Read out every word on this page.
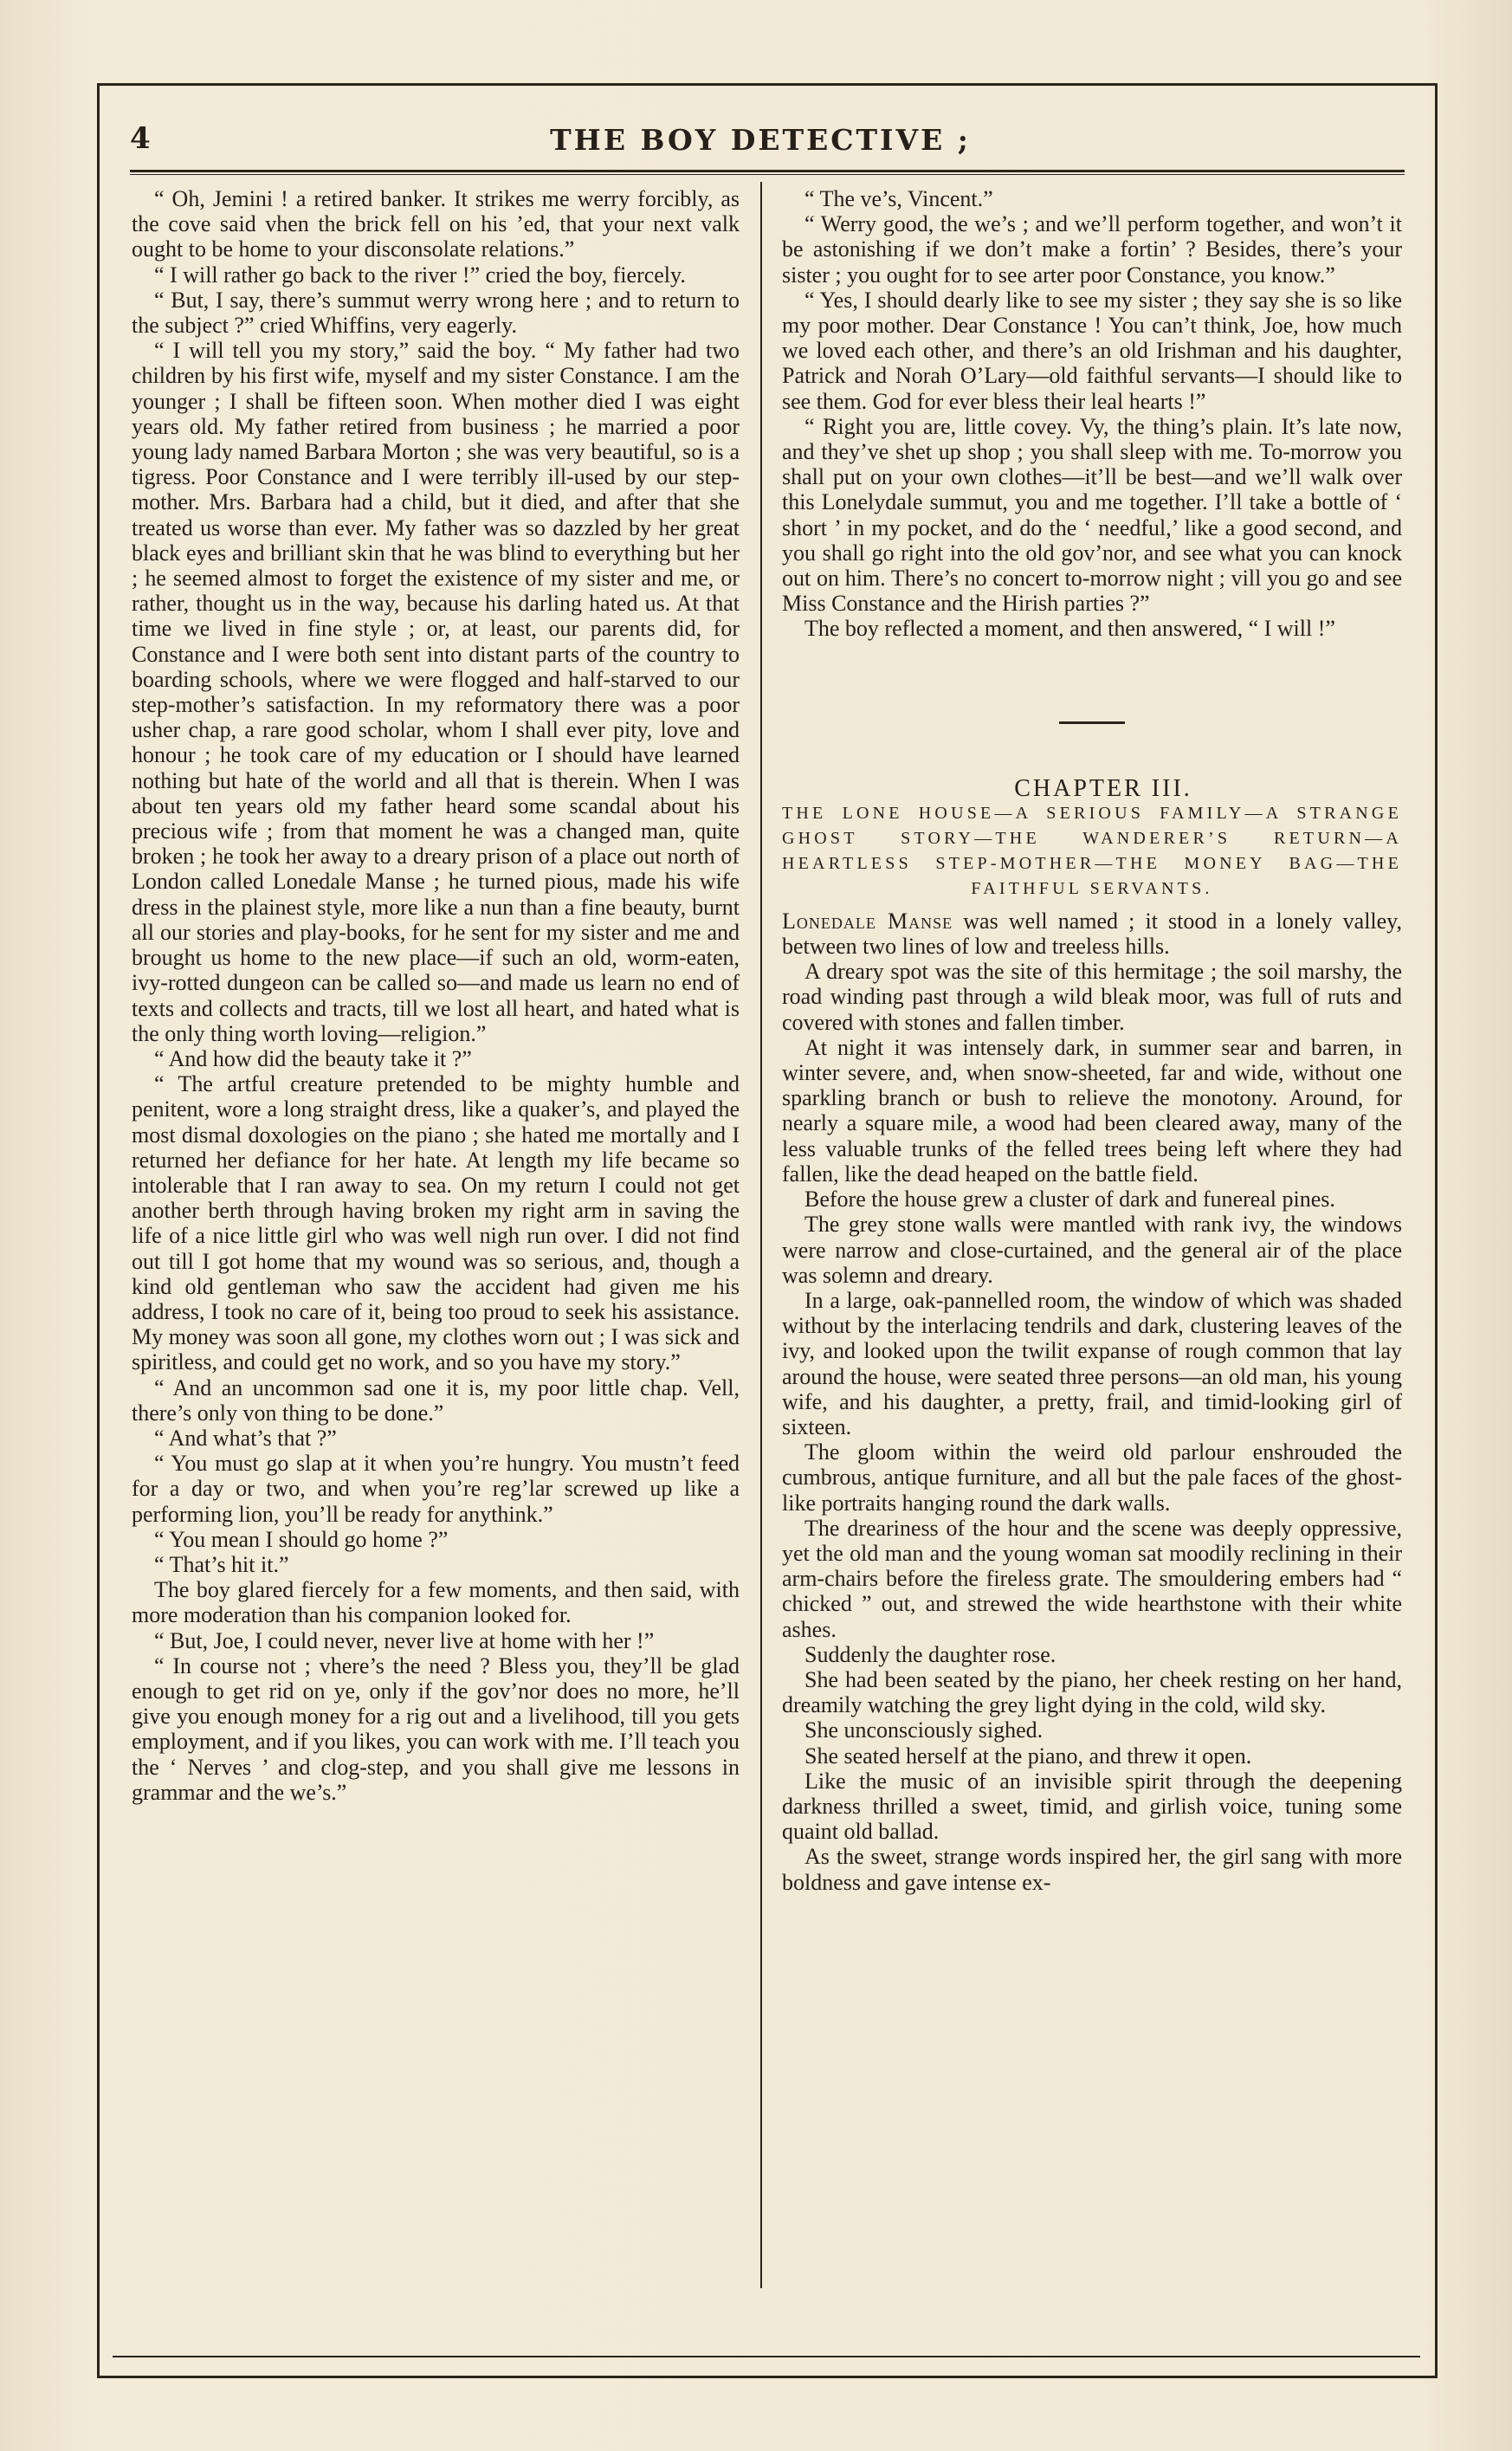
4	THE BOY DETECTIVE ;

“ Oh, Jemini ! a retired banker. It strikes me werry forcibly, as the cove said vhen the brick fell on his ’ed, that your next valk ought to be home to your disconsolate relations.”

“ I will rather go back to the river !” cried the boy, fiercely.

“ But, I say, there’s summut werry wrong here ; and to return to the subject ?” cried Whiffins, very eagerly.

“ I will tell you my story,” said the boy. “ My father had two children by his first wife, myself and my sister Constance. I am the younger ; I shall be fifteen soon. When mother died I was eight years old. My father retired from business ; he married a poor young lady named Barbara Morton ; she was very beautiful, so is a tigress. Poor Constance and I were terribly ill-used by our step-mother. Mrs. Barbara had a child, but it died, and after that she treated us worse than ever. My father was so dazzled by her great black eyes and brilliant skin that he was blind to everything but her ; he seemed almost to forget the existence of my sister and me, or rather, thought us in the way, because his darling hated us. At that time we lived in fine style ; or, at least, our parents did, for Constance and I were both sent into distant parts of the country to boarding schools, where we were flogged and half-starved to our step-mother’s satisfaction. In my reformatory there was a poor usher chap, a rare good scholar, whom I shall ever pity, love and honour ; he took care of my education or I should have learned nothing but hate of the world and all that is therein. When I was about ten years old my father heard some scandal about his precious wife ; from that moment he was a changed man, quite broken ; he took her away to a dreary prison of a place out north of London called Lonedale Manse ; he turned pious, made his wife dress in the plainest style, more like a nun than a fine beauty, burnt all our stories and play-books, for he sent for my sister and me and brought us home to the new place—if such an old, worm-eaten, ivy-rotted dungeon can be called so—and made us learn no end of texts and collects and tracts, till we lost all heart, and hated what is the only thing worth loving—religion.”

“ And how did the beauty take it ?”

“ The artful creature pretended to be mighty humble and penitent, wore a long straight dress, like a quaker’s, and played the most dismal doxologies on the piano ; she hated me mortally and I returned her defiance for her hate. At length my life became so intolerable that I ran away to sea. On my return I could not get another berth through having broken my right arm in saving the life of a nice little girl who was well nigh run over. I did not find out till I got home that my wound was so serious, and, though a kind old gentleman who saw the accident had given me his address, I took no care of it, being too proud to seek his assistance. My money was soon all gone, my clothes worn out ; I was sick and spiritless, and could get no work, and so you have my story.”

“ And an uncommon sad one it is, my poor little chap. Vell, there’s only von thing to be done.”

“ And what’s that ?”

“ You must go slap at it when you’re hungry. You mustn’t feed for a day or two, and when you’re reg’lar screwed up like a performing lion, you’ll be ready for anythink.”

“ You mean I should go home ?”

“ That’s hit it.”

The boy glared fiercely for a few moments, and then said, with more moderation than his companion looked for.

“ But, Joe, I could never, never live at home with her !”

“ In course not ; vhere’s the need ? Bless you, they’ll be glad enough to get rid on ye, only if the gov’nor does no more, he’ll give you enough money for a rig out and a livelihood, till you gets employment, and if you likes, you can work with me. I’ll teach you the ‘ Nerves ’ and clog-step, and you shall give me lessons in grammar and the we’s.”

“ The ve’s, Vincent.”

“ Werry good, the we’s ; and we’ll perform together, and won’t it be astonishing if we don’t make a fortin’ ? Besides, there’s your sister ; you ought for to see arter poor Constance, you know.”

“ Yes, I should dearly like to see my sister ; they say she is so like my poor mother. Dear Constance ! You can’t think, Joe, how much we loved each other, and there’s an old Irishman and his daughter, Patrick and Norah O’Lary—old faithful servants—I should like to see them. God for ever bless their leal hearts !”

“ Right you are, little covey. Vy, the thing’s plain. It’s late now, and they’ve shet up shop ; you shall sleep with me. To-morrow you shall put on your own clothes—it’ll be best—and we’ll walk over this Lonelydale summut, you and me together. I’ll take a bottle of ‘ short ’ in my pocket, and do the ‘ needful,’ like a good second, and you shall go right into the old gov’nor, and see what you can knock out on him. There’s no concert to-morrow night ; vill you go and see Miss Constance and the Hirish parties ?”

The boy reflected a moment, and then answered, “ I will !”

CHAPTER III.

THE LONE HOUSE—A SERIOUS FAMILY—A STRANGE GHOST STORY—THE WANDERER’S RETURN—A HEARTLESS STEP-MOTHER—THE MONEY BAG—THE FAITHFUL SERVANTS.

Lonedale Manse was well named ; it stood in a lonely valley, between two lines of low and treeless hills.

A dreary spot was the site of this hermitage ; the soil marshy, the road winding past through a wild bleak moor, was full of ruts and covered with stones and fallen timber.

At night it was intensely dark, in summer sear and barren, in winter severe, and, when snow-sheeted, far and wide, without one sparkling branch or bush to relieve the monotony. Around, for nearly a square mile, a wood had been cleared away, many of the less valuable trunks of the felled trees being left where they had fallen, like the dead heaped on the battle field.

Before the house grew a cluster of dark and funereal pines.

The grey stone walls were mantled with rank ivy, the windows were narrow and close-curtained, and the general air of the place was solemn and dreary.

In a large, oak-pannelled room, the window of which was shaded without by the interlacing tendrils and dark, clustering leaves of the ivy, and looked upon the twilit expanse of rough common that lay around the house, were seated three persons—an old man, his young wife, and his daughter, a pretty, frail, and timid-looking girl of sixteen.

The gloom within the weird old parlour enshrouded the cumbrous, antique furniture, and all but the pale faces of the ghost-like portraits hanging round the dark walls.

The dreariness of the hour and the scene was deeply oppressive, yet the old man and the young woman sat moodily reclining in their arm-chairs before the fireless grate. The smouldering embers had “ chicked ” out, and strewed the wide hearthstone with their white ashes.

Suddenly the daughter rose.

She had been seated by the piano, her cheek resting on her hand, dreamily watching the grey light dying in the cold, wild sky.

She unconsciously sighed.

She seated herself at the piano, and threw it open.

Like the music of an invisible spirit through the deepening darkness thrilled a sweet, timid, and girlish voice, tuning some quaint old ballad.

As the sweet, strange words inspired her, the girl sang with more boldness and gave intense ex-
